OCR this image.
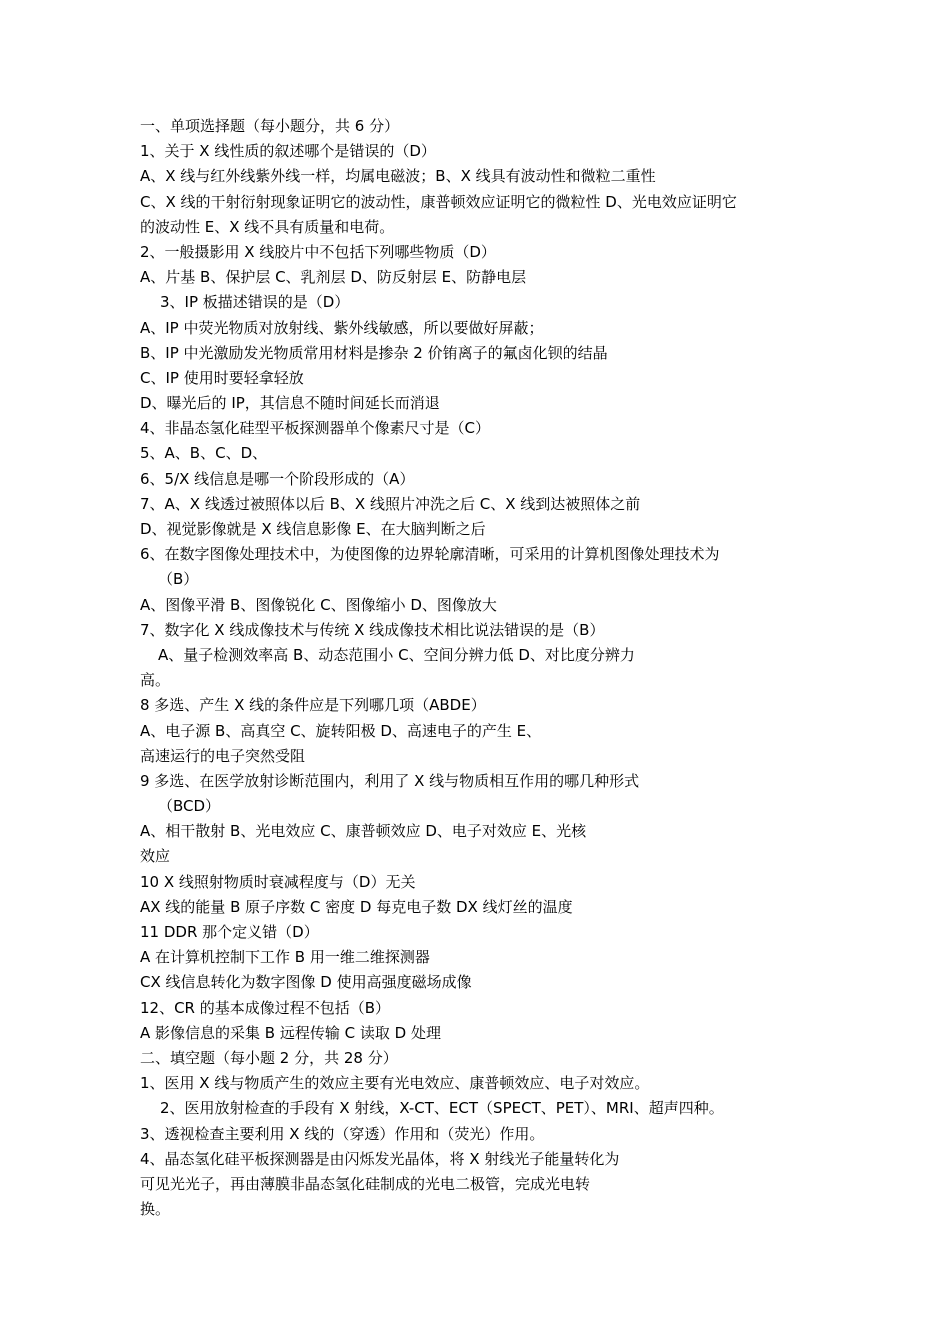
一、单项选择题（每小题分，共 6 分）
1、关于 X 线性质的叙述哪个是错误的（D）
A、X 线与红外线紫外线一样，均属电磁波；B、X 线具有波动性和微粒二重性
C、X 线的干射衍射现象证明它的波动性，康普顿效应证明它的微粒性 D、光电效应证明它
的波动性 E、X 线不具有质量和电荷。
2、一般摄影用 X 线胶片中不包括下列哪些物质（D）
A、片基 B、保护层 C、乳剂层 D、防反射层 E、防静电层
3、IP 板描述错误的是（D）
A、IP 中荧光物质对放射线、紫外线敏感，所以要做好屏蔽；
B、IP 中光激励发光物质常用材料是掺杂 2 价铕离子的氟卤化钡的结晶
C、IP 使用时要轻拿轻放
D、曝光后的 IP，其信息不随时间延长而消退
4、非晶态氢化硅型平板探测器单个像素尺寸是（C）
5、A、B、C、D、
6、5/X 线信息是哪一个阶段形成的（A）
7、A、X 线透过被照体以后 B、X 线照片冲洗之后 C、X 线到达被照体之前
D、视觉影像就是 X 线信息影像 E、在大脑判断之后
6、在数字图像处理技术中，为使图像的边界轮廓清晰，可采用的计算机图像处理技术为
（B）
A、图像平滑 B、图像锐化 C、图像缩小 D、图像放大
7、数字化 X 线成像技术与传统 X 线成像技术相比说法错误的是（B）
A、量子检测效率高 B、动态范围小 C、空间分辨力低 D、对比度分辨力
高。
8 多选、产生 X 线的条件应是下列哪几项（ABDE）
A、电子源 B、高真空 C、旋转阳极 D、高速电子的产生 E、
高速运行的电子突然受阻
9 多选、在医学放射诊断范围内，利用了 X 线与物质相互作用的哪几种形式
（BCD）
A、相干散射 B、光电效应 C、康普顿效应 D、电子对效应 E、光核
效应
10 X 线照射物质时衰减程度与（D）无关
AX 线的能量 B 原子序数 C 密度 D 每克电子数 DX 线灯丝的温度
11 DDR 那个定义错（D）
A 在计算机控制下工作 B 用一维二维探测器
CX 线信息转化为数字图像 D 使用高强度磁场成像
12、CR 的基本成像过程不包括（B）
A 影像信息的采集 B 远程传输 C 读取 D 处理
二、填空题（每小题 2 分，共 28 分）
1、医用 X 线与物质产生的效应主要有光电效应、康普顿效应、电子对效应。
2、医用放射检查的手段有 X 射线，X-CT、ECT（SPECT、PET）、MRI、超声四种。
3、透视检查主要利用 X 线的（穿透）作用和（荧光）作用。
4、晶态氢化硅平板探测器是由闪烁发光晶体，将 X 射线光子能量转化为
可见光光子，再由薄膜非晶态氢化硅制成的光电二极管，完成光电转
换。
